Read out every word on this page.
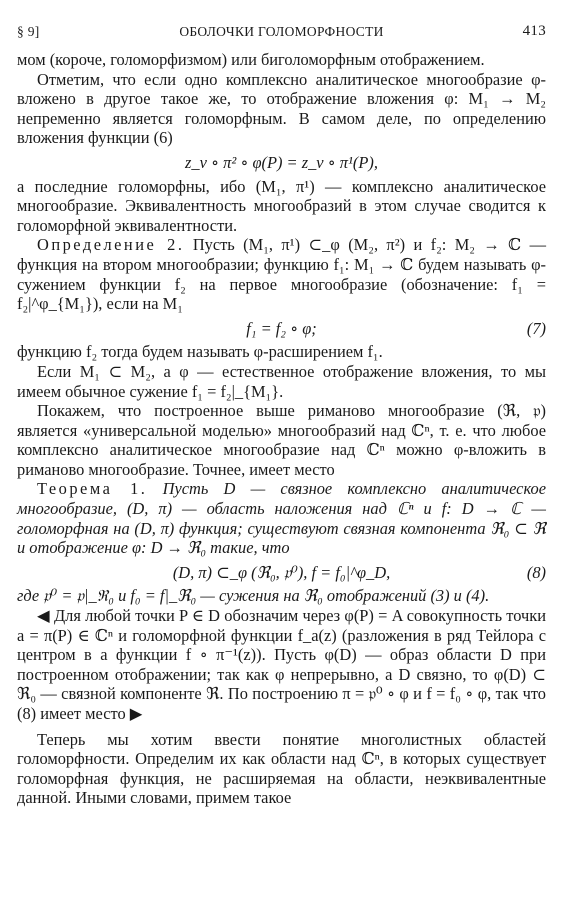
§ 9]	ОБОЛОЧКИ ГОЛОМОРФНОСТИ	413

мом (короче, голоморфизмом) или биголоморфным отображением.

Отметим, что если одно комплексно аналитическое многообразие φ-вложено в другое такое же, то отображение вложения φ: M₁ → M₂ непременно является голоморфным. В самом деле, по определению вложения функции (6)

z_ν ∘ π² ∘ φ(P) = z_ν ∘ π¹(P),

а последние голоморфны, ибо (M₁, π¹) — комплексно аналитическое многообразие. Эквивалентность многообразий в этом случае сводится к голоморфной эквивалентности.

Определение 2. Пусть (M₁, π¹) ⊂_φ (M₂, π²) и f₂: M₂ → ℂ — функция на втором многообразии; функцию f₁: M₁ → ℂ будем называть φ-сужением функции f₂ на первое многообразие (обозначение: f₁ = f₂|^φ_{M₁}), если на M₁

f₁ = f₂ ∘ φ;	(7)

функцию f₂ тогда будем называть φ-расширением f₁.

Если M₁ ⊂ M₂, а φ — естественное отображение вложения, то мы имеем обычное сужение f₁ = f₂|_{M₁}.

Покажем, что построенное выше риманово многообразие (ℜ, 𝔭) является «универсальной моделью» многообразий над ℂⁿ, т. е. что любое комплексно аналитическое многообразие над ℂⁿ можно φ-вложить в риманово многообразие. Точнее, имеет место

Теорема 1. Пусть D — связное комплексно аналитическое многообразие, (D, π) — область наложения над ℂⁿ и f: D → ℂ — голоморфная на (D, π) функция; существуют связная компонента ℜ₀ ⊂ ℜ и отображение φ: D → ℜ₀ такие, что

(D, π) ⊂_φ (ℜ₀, 𝔭⁰), f = f₀|^φ_D,	(8)

где 𝔭⁰ = 𝔭|_ℜ₀ и f₀ = f|_ℜ₀ — сужения на ℜ₀ отображений (3) и (4).

◀ Для любой точки P ∈ D обозначим через φ(P) = A совокупность точки a = π(P) ∈ ℂⁿ и голоморфной функции f_a(z) (разложения в ряд Тейлора с центром в a функции f ∘ π⁻¹(z)). Пусть φ(D) — образ области D при построенном отображении; так как φ непрерывно, а D связно, то φ(D) ⊂ ℜ₀ — связной компоненте ℜ. По построению π = 𝔭⁰ ∘ φ и f = f₀ ∘ φ, так что (8) имеет место ▶

Теперь мы хотим ввести понятие многолистных областей голоморфности. Определим их как области над ℂⁿ, в которых существует голоморфная функция, не расширяемая на области, неэквивалентные данной. Иными словами, примем такое
